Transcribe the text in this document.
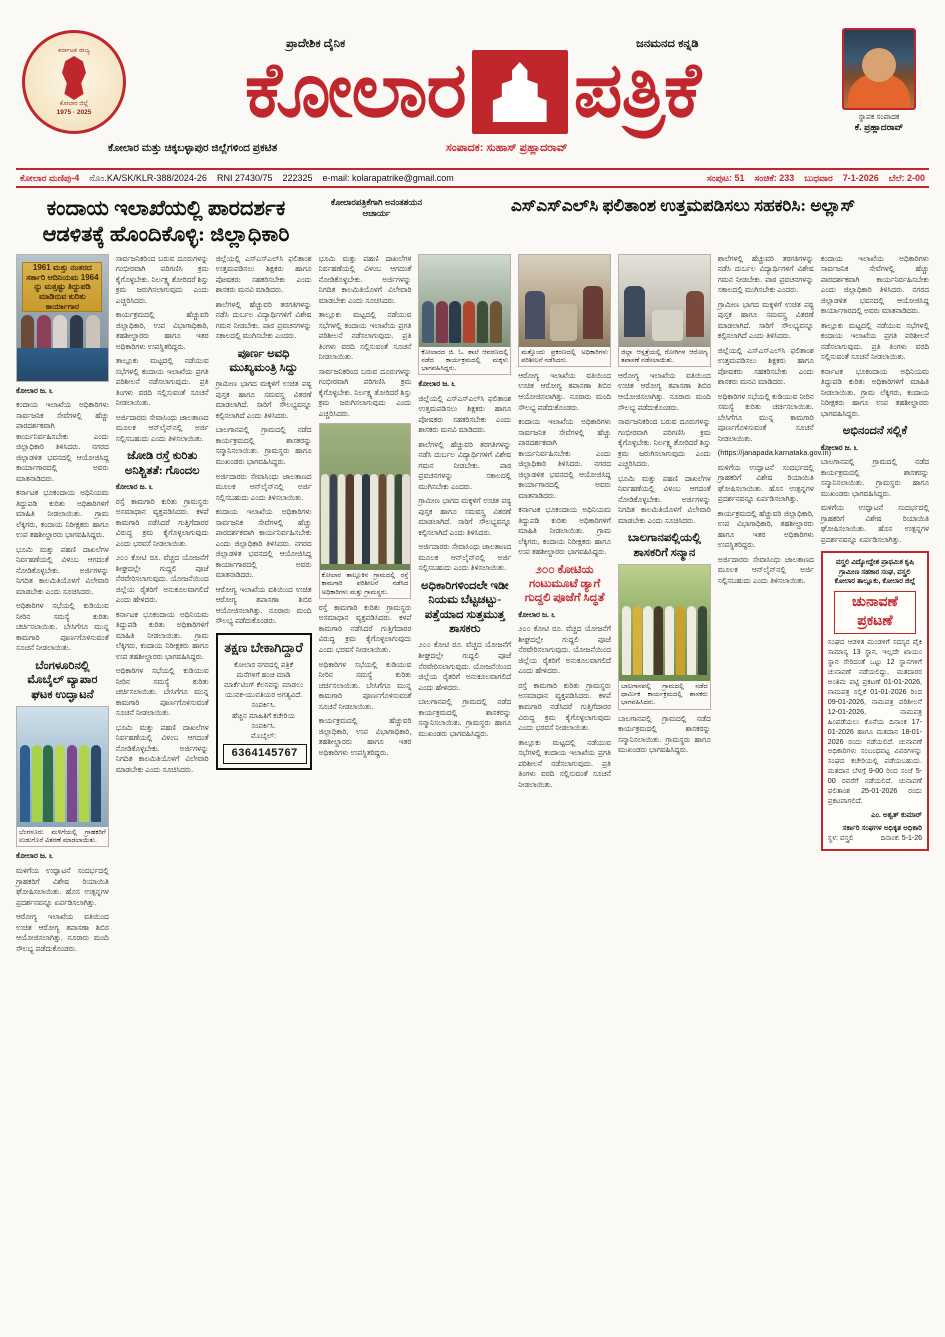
ಕರ್ನಾಟಕ ರಾಜ್ಯ
ಕೋಲಾರ ಜಿಲ್ಲೆ
1975 · 2025
ಪ್ರಾದೇಶಿಕ ದೈನಿಕ	ಜನಮನದ ಕನ್ನಡಿ
ಕೋಲಾರ ಪತ್ರಿಕೆ	ಸ್ಥಾಪಕ ಸಂಪಾದಕ
ಕೆ. ಪ್ರಹ್ಲಾದರಾವ್
ಕೋಲಾರ ಮತ್ತು ಚಿಕ್ಕಬಳ್ಳಾಪುರ ಜಿಲ್ಲೆಗಳಿಂದ ಪ್ರಕಟಿತ	ಸಂಪಾದಕ: ಸುಹಾಸ್ ಪ್ರಹ್ಲಾದರಾವ್
ಕೋಲಾರ ಮಣಿಪು-4 ನೊಂ.KA/SK/KLR-388/2024-26 RNI 27430/75 222325 e-mail: kolarapatrike@gmail.com	ಸಂಪುಟ: 51 ಸಂಚಿಕೆ: 233 ಬುಧವಾರ 7-1-2026 ಬೆಲೆ: 2-00
ಕಂದಾಯ ಇಲಾಖೆಯಲ್ಲಿ ಪಾರದರ್ಶಕ ಆಡಳಿತಕ್ಕೆ ಹೊಂದಿಕೊಳ್ಳಿ: ಜಿಲ್ಲಾಧಿಕಾರಿ
ಕೋಲಾರಪತ್ರಿಕೆಗಾಗಿ ಅನಂತಶಯನ ಆಚಾರ್ಯ	ಎಸ್ಎಸ್ಎಲ್‌ಸಿ ಫಲಿತಾಂಶ ಉತ್ತಮಪಡಿಸಲು ಸಹಕರಿಸಿ: ಅಲ್ಲಾಸ್
1961 ಮತ್ತು ನಂತರದ ಸರ್ಕಾರಿ ಆದಿನಿಯಮ 1964 ನ್ನು ಮತ್ತಷ್ಟು ತಿದ್ದುಪಡಿ ಮಾಡಿರುವ ಕುರಿತು ಕಾರ್ಯಾಗಾರ

ಕೋಲಾರ ಜ. ೬

ಕಂದಾಯ ಇಲಾಖೆಯ ಅಧಿಕಾರಿಗಳು ಸಾರ್ವಜನಿಕ ಸೇವೆಗಳಲ್ಲಿ ಹೆಚ್ಚು ಪಾರದರ್ಶಕವಾಗಿ ಕಾರ್ಯನಿರ್ವಹಿಸಬೇಕು ಎಂದು ಜಿಲ್ಲಾಧಿಕಾರಿ ತಿಳಿಸಿದರು. ನಗರದ ಜಿಲ್ಲಾಡಳಿತ ಭವನದಲ್ಲಿ ಆಯೋಜಿಸಿದ್ದ ಕಾರ್ಯಾಗಾರದಲ್ಲಿ ಅವರು ಮಾತನಾಡಿದರು.

ಕರ್ನಾಟಕ ಭೂಕಂದಾಯ ಅಧಿನಿಯಮ ತಿದ್ದುಪಡಿ ಕುರಿತು ಅಧಿಕಾರಿಗಳಿಗೆ ಮಾಹಿತಿ ನೀಡಲಾಯಿತು. ಗ್ರಾಮ ಲೆಕ್ಕಿಗರು, ಕಂದಾಯ ನಿರೀಕ್ಷಕರು ಹಾಗೂ ಉಪ ತಹಶೀಲ್ದಾರರು ಭಾಗವಹಿಸಿದ್ದರು.

ಭೂಮಿ ಮತ್ತು ಪಹಣಿ ದಾಖಲೆಗಳ ನಿರ್ವಹಣೆಯಲ್ಲಿ ವಿಳಂಬ ಆಗದಂತೆ ನೋಡಿಕೊಳ್ಳಬೇಕು. ಅರ್ಜಿಗಳನ್ನು ನಿಗದಿತ ಕಾಲಮಿತಿಯೊಳಗೆ ವಿಲೇವಾರಿ ಮಾಡಬೇಕು ಎಂದು ಸೂಚಿಸಿದರು.

ಅಧಿಕಾರಿಗಳ ಸಭೆಯಲ್ಲಿ ಕುಡಿಯುವ ನೀರಿನ ಸಮಸ್ಯೆ ಕುರಿತು ಚರ್ಚಿಸಲಾಯಿತು. ಬೇಸಿಗೆಗೂ ಮುನ್ನ ಕಾಮಗಾರಿ ಪೂರ್ಣಗೊಳಿಸುವಂತೆ ಸೂಚನೆ ನೀಡಲಾಯಿತು.

ಬೆಂಗಳೂರಿನಲ್ಲಿ ಮೊಬೈಲ್ ವ್ಯಾಪಾರ ಘಟಕ ಉದ್ಘಾಟನೆ
ಬೆಂಗಳೂರು ಮಳಿಗೆಯಲ್ಲಿ ಗ್ರಾಹಕರಿಗೆ ಉಡುಗೊರೆ ವಿತರಣೆ ಮಾಡಲಾಯಿತು.

ಕೋಲಾರ ಜ. ೬

ಮಳಿಗೆಯ ಉದ್ಘಾಟನೆ ಸಂದರ್ಭದಲ್ಲಿ ಗ್ರಾಹಕರಿಗೆ ವಿಶೇಷ ರಿಯಾಯಿತಿ ಘೋಷಿಸಲಾಯಿತು. ಹೊಸ ಉತ್ಪನ್ನಗಳ ಪ್ರದರ್ಶನವನ್ನೂ ಏರ್ಪಡಿಸಲಾಗಿತ್ತು.

ಆರೋಗ್ಯ ಇಲಾಖೆಯ ವತಿಯಿಂದ ಉಚಿತ ಆರೋಗ್ಯ ತಪಾಸಣಾ ಶಿಬಿರ ಆಯೋಜಿಸಲಾಗಿತ್ತು. ನೂರಾರು ಮಂದಿ ಸೌಲಭ್ಯ ಪಡೆದುಕೊಂಡರು.

ಸಾರ್ವಜನಿಕರಿಂದ ಬರುವ ದೂರುಗಳನ್ನು ಗಂಭೀರವಾಗಿ ಪರಿಗಣಿಸಿ ಕ್ರಮ ಕೈಗೊಳ್ಳಬೇಕು. ನಿರ್ಲಕ್ಷ್ಯ ತೋರಿದರೆ ಶಿಸ್ತು ಕ್ರಮ ಜರುಗಿಸಲಾಗುವುದು ಎಂದು ಎಚ್ಚರಿಸಿದರು.

ಕಾರ್ಯಕ್ರಮದಲ್ಲಿ ಹೆಚ್ಚುವರಿ ಜಿಲ್ಲಾಧಿಕಾರಿ, ಉಪ ವಿಭಾಗಾಧಿಕಾರಿ, ತಹಶೀಲ್ದಾರರು ಹಾಗೂ ಇತರ ಅಧಿಕಾರಿಗಳು ಉಪಸ್ಥಿತರಿದ್ದರು.

ತಾಲ್ಲೂಕು ಮಟ್ಟದಲ್ಲಿ ನಡೆಯುವ ಸಭೆಗಳಲ್ಲಿ ಕಂದಾಯ ಇಲಾಖೆಯ ಪ್ರಗತಿ ಪರಿಶೀಲನೆ ನಡೆಸಲಾಗುವುದು. ಪ್ರತಿ ತಿಂಗಳು ವರದಿ ಸಲ್ಲಿಸುವಂತೆ ಸೂಚನೆ ನೀಡಲಾಯಿತು.

ಅರ್ಜಿದಾರರು ಸೇವಾಸಿಂಧು ಜಾಲತಾಣದ ಮೂಲಕ ಆನ್‌ಲೈನ್‌ನಲ್ಲಿ ಅರ್ಜಿ ಸಲ್ಲಿಸಬಹುದು ಎಂದು ತಿಳಿಸಲಾಯಿತು.

ಜೋಡಿ ರಸ್ತೆ ಕುರಿತು ಅನಿಶ್ಚಿತತೆ: ಗೊಂದಲ

ಕೋಲಾರ ಜ. ೬

ರಸ್ತೆ ಕಾಮಗಾರಿ ಕುರಿತು ಗ್ರಾಮಸ್ಥರು ಅಸಮಾಧಾನ ವ್ಯಕ್ತಪಡಿಸಿದರು. ಕಳಪೆ ಕಾಮಗಾರಿ ನಡೆಸಿದರೆ ಗುತ್ತಿಗೆದಾರರ ವಿರುದ್ಧ ಕ್ರಮ ಕೈಗೊಳ್ಳಲಾಗುವುದು ಎಂದು ಭರವಸೆ ನೀಡಲಾಯಿತು.

೨೦೦ ಕೋಟಿ ರೂ. ವೆಚ್ಚದ ಯೋಜನೆಗೆ ಶೀಘ್ರದಲ್ಲೇ ಗುದ್ದಲಿ ಪೂಜೆ ನೆರವೇರಿಸಲಾಗುವುದು. ಯೋಜನೆಯಿಂದ ಜಿಲ್ಲೆಯ ರೈತರಿಗೆ ಅನುಕೂಲವಾಗಲಿದೆ ಎಂದು ಹೇಳಿದರು.

ಕರ್ನಾಟಕ ಭೂಕಂದಾಯ ಅಧಿನಿಯಮ ತಿದ್ದುಪಡಿ ಕುರಿತು ಅಧಿಕಾರಿಗಳಿಗೆ ಮಾಹಿತಿ ನೀಡಲಾಯಿತು. ಗ್ರಾಮ ಲೆಕ್ಕಿಗರು, ಕಂದಾಯ ನಿರೀಕ್ಷಕರು ಹಾಗೂ ಉಪ ತಹಶೀಲ್ದಾರರು ಭಾಗವಹಿಸಿದ್ದರು.

ಅಧಿಕಾರಿಗಳ ಸಭೆಯಲ್ಲಿ ಕುಡಿಯುವ ನೀರಿನ ಸಮಸ್ಯೆ ಕುರಿತು ಚರ್ಚಿಸಲಾಯಿತು. ಬೇಸಿಗೆಗೂ ಮುನ್ನ ಕಾಮಗಾರಿ ಪೂರ್ಣಗೊಳಿಸುವಂತೆ ಸೂಚನೆ ನೀಡಲಾಯಿತು.

ಭೂಮಿ ಮತ್ತು ಪಹಣಿ ದಾಖಲೆಗಳ ನಿರ್ವಹಣೆಯಲ್ಲಿ ವಿಳಂಬ ಆಗದಂತೆ ನೋಡಿಕೊಳ್ಳಬೇಕು. ಅರ್ಜಿಗಳನ್ನು ನಿಗದಿತ ಕಾಲಮಿತಿಯೊಳಗೆ ವಿಲೇವಾರಿ ಮಾಡಬೇಕು ಎಂದು ಸೂಚಿಸಿದರು.

ಜಿಲ್ಲೆಯಲ್ಲಿ ಎಸ್ಎಸ್ಎಲ್‌ಸಿ ಫಲಿತಾಂಶ ಉತ್ತಮಪಡಿಸಲು ಶಿಕ್ಷಕರು ಹಾಗೂ ಪೋಷಕರು ಸಹಕರಿಸಬೇಕು ಎಂದು ಶಾಸಕರು ಮನವಿ ಮಾಡಿದರು.

ಶಾಲೆಗಳಲ್ಲಿ ಹೆಚ್ಚುವರಿ ತರಗತಿಗಳನ್ನು ನಡೆಸಿ ದುರ್ಬಲ ವಿದ್ಯಾರ್ಥಿಗಳಿಗೆ ವಿಶೇಷ ಗಮನ ನೀಡಬೇಕು. ಪಾಠ ಪ್ರವಚನಗಳನ್ನು ಸಕಾಲದಲ್ಲಿ ಮುಗಿಸಬೇಕು ಎಂದರು.

ಪೂರ್ಣ ಅವಧಿ ಮುಖ್ಯಮಂತ್ರಿ ಸಿದ್ದು

ಗ್ರಾಮೀಣ ಭಾಗದ ಮಕ್ಕಳಿಗೆ ಉಚಿತ ಪಠ್ಯ ಪುಸ್ತಕ ಹಾಗೂ ಸಮವಸ್ತ್ರ ವಿತರಣೆ ಮಾಡಲಾಗಿದೆ. ಸಾರಿಗೆ ಸೌಲಭ್ಯವನ್ನೂ ಕಲ್ಪಿಸಲಾಗಿದೆ ಎಂದು ತಿಳಿಸಿದರು.

ಬಾಲಗಾನಪಲ್ಲಿ ಗ್ರಾಮದಲ್ಲಿ ನಡೆದ ಕಾರ್ಯಕ್ರಮದಲ್ಲಿ ಶಾಸಕರನ್ನು ಸನ್ಮಾನಿಸಲಾಯಿತು. ಗ್ರಾಮಸ್ಥರು ಹಾಗೂ ಮುಖಂಡರು ಭಾಗವಹಿಸಿದ್ದರು.

ಅರ್ಜಿದಾರರು ಸೇವಾಸಿಂಧು ಜಾಲತಾಣದ ಮೂಲಕ ಆನ್‌ಲೈನ್‌ನಲ್ಲಿ ಅರ್ಜಿ ಸಲ್ಲಿಸಬಹುದು ಎಂದು ತಿಳಿಸಲಾಯಿತು.

ಕಂದಾಯ ಇಲಾಖೆಯ ಅಧಿಕಾರಿಗಳು ಸಾರ್ವಜನಿಕ ಸೇವೆಗಳಲ್ಲಿ ಹೆಚ್ಚು ಪಾರದರ್ಶಕವಾಗಿ ಕಾರ್ಯನಿರ್ವಹಿಸಬೇಕು ಎಂದು ಜಿಲ್ಲಾಧಿಕಾರಿ ತಿಳಿಸಿದರು. ನಗರದ ಜಿಲ್ಲಾಡಳಿತ ಭವನದಲ್ಲಿ ಆಯೋಜಿಸಿದ್ದ ಕಾರ್ಯಾಗಾರದಲ್ಲಿ ಅವರು ಮಾತನಾಡಿದರು.

ಆರೋಗ್ಯ ಇಲಾಖೆಯ ವತಿಯಿಂದ ಉಚಿತ ಆರೋಗ್ಯ ತಪಾಸಣಾ ಶಿಬಿರ ಆಯೋಜಿಸಲಾಗಿತ್ತು. ನೂರಾರು ಮಂದಿ ಸೌಲಭ್ಯ ಪಡೆದುಕೊಂಡರು.

ತಕ್ಷಣ ಬೇಕಾಗಿದ್ದಾರೆ
ಕೋಲಾರ ನಗರದಲ್ಲಿ ಪತ್ರಿಕೆ ಮನೆಗಳಿಗೆ ಹಂಚಿ ಮಾಡಿ ಮಾರ್ಕೆಟಿಂಗ್ ಕೆಲಸವನ್ನು ಮಾಡಲು
ಯುವಕ-ಯುವತಿಯರ ಅಗತ್ಯವಿದೆ. ಸಂಪರ್ಕಿಸಿ.
ಹೆಚ್ಚಿನ ಮಾಹಿತಿಗೆ ಕಚೇರಿಯ ಸಂಪರ್ಕಿಸಿ.
ಮೊಬೈಲ್: 6364145767

ಭೂಮಿ ಮತ್ತು ಪಹಣಿ ದಾಖಲೆಗಳ ನಿರ್ವಹಣೆಯಲ್ಲಿ ವಿಳಂಬ ಆಗದಂತೆ ನೋಡಿಕೊಳ್ಳಬೇಕು. ಅರ್ಜಿಗಳನ್ನು ನಿಗದಿತ ಕಾಲಮಿತಿಯೊಳಗೆ ವಿಲೇವಾರಿ ಮಾಡಬೇಕು ಎಂದು ಸೂಚಿಸಿದರು.

ತಾಲ್ಲೂಕು ಮಟ್ಟದಲ್ಲಿ ನಡೆಯುವ ಸಭೆಗಳಲ್ಲಿ ಕಂದಾಯ ಇಲಾಖೆಯ ಪ್ರಗತಿ ಪರಿಶೀಲನೆ ನಡೆಸಲಾಗುವುದು. ಪ್ರತಿ ತಿಂಗಳು ವರದಿ ಸಲ್ಲಿಸುವಂತೆ ಸೂಚನೆ ನೀಡಲಾಯಿತು.

ಸಾರ್ವಜನಿಕರಿಂದ ಬರುವ ದೂರುಗಳನ್ನು ಗಂಭೀರವಾಗಿ ಪರಿಗಣಿಸಿ ಕ್ರಮ ಕೈಗೊಳ್ಳಬೇಕು. ನಿರ್ಲಕ್ಷ್ಯ ತೋರಿದರೆ ಶಿಸ್ತು ಕ್ರಮ ಜರುಗಿಸಲಾಗುವುದು ಎಂದು ಎಚ್ಚರಿಸಿದರು.

ಕೋಲಾರ ತಾಲ್ಲೂಕಿನ ಗ್ರಾಮದಲ್ಲಿ ರಸ್ತೆ ಕಾಮಗಾರಿ ಪರಿಶೀಲನೆ ನಡೆಸಿದ ಅಧಿಕಾರಿಗಳು ಮತ್ತು ಗ್ರಾಮಸ್ಥರು.

ರಸ್ತೆ ಕಾಮಗಾರಿ ಕುರಿತು ಗ್ರಾಮಸ್ಥರು ಅಸಮಾಧಾನ ವ್ಯಕ್ತಪಡಿಸಿದರು. ಕಳಪೆ ಕಾಮಗಾರಿ ನಡೆಸಿದರೆ ಗುತ್ತಿಗೆದಾರರ ವಿರುದ್ಧ ಕ್ರಮ ಕೈಗೊಳ್ಳಲಾಗುವುದು ಎಂದು ಭರವಸೆ ನೀಡಲಾಯಿತು.

ಅಧಿಕಾರಿಗಳ ಸಭೆಯಲ್ಲಿ ಕುಡಿಯುವ ನೀರಿನ ಸಮಸ್ಯೆ ಕುರಿತು ಚರ್ಚಿಸಲಾಯಿತು. ಬೇಸಿಗೆಗೂ ಮುನ್ನ ಕಾಮಗಾರಿ ಪೂರ್ಣಗೊಳಿಸುವಂತೆ ಸೂಚನೆ ನೀಡಲಾಯಿತು.

ಕಾರ್ಯಕ್ರಮದಲ್ಲಿ ಹೆಚ್ಚುವರಿ ಜಿಲ್ಲಾಧಿಕಾರಿ, ಉಪ ವಿಭಾಗಾಧಿಕಾರಿ, ತಹಶೀಲ್ದಾರರು ಹಾಗೂ ಇತರ ಅಧಿಕಾರಿಗಳು ಉಪಸ್ಥಿತರಿದ್ದರು.

ಕೋಲಾರದ ಜಿ. ಓ. ಶಾಲೆ ಆವರಣದಲ್ಲಿ ನಡೆದ ಕಾರ್ಯಕ್ರಮದಲ್ಲಿ ಮಕ್ಕಳು ಭಾಗವಹಿಸಿದ್ದರು.

ಕೋಲಾರ ಜ. ೬

ಜಿಲ್ಲೆಯಲ್ಲಿ ಎಸ್ಎಸ್ಎಲ್‌ಸಿ ಫಲಿತಾಂಶ ಉತ್ತಮಪಡಿಸಲು ಶಿಕ್ಷಕರು ಹಾಗೂ ಪೋಷಕರು ಸಹಕರಿಸಬೇಕು ಎಂದು ಶಾಸಕರು ಮನವಿ ಮಾಡಿದರು.

ಶಾಲೆಗಳಲ್ಲಿ ಹೆಚ್ಚುವರಿ ತರಗತಿಗಳನ್ನು ನಡೆಸಿ ದುರ್ಬಲ ವಿದ್ಯಾರ್ಥಿಗಳಿಗೆ ವಿಶೇಷ ಗಮನ ನೀಡಬೇಕು. ಪಾಠ ಪ್ರವಚನಗಳನ್ನು ಸಕಾಲದಲ್ಲಿ ಮುಗಿಸಬೇಕು ಎಂದರು.

ಗ್ರಾಮೀಣ ಭಾಗದ ಮಕ್ಕಳಿಗೆ ಉಚಿತ ಪಠ್ಯ ಪುಸ್ತಕ ಹಾಗೂ ಸಮವಸ್ತ್ರ ವಿತರಣೆ ಮಾಡಲಾಗಿದೆ. ಸಾರಿಗೆ ಸೌಲಭ್ಯವನ್ನೂ ಕಲ್ಪಿಸಲಾಗಿದೆ ಎಂದು ತಿಳಿಸಿದರು.

ಅರ್ಜಿದಾರರು ಸೇವಾಸಿಂಧು ಜಾಲತಾಣದ ಮೂಲಕ ಆನ್‌ಲೈನ್‌ನಲ್ಲಿ ಅರ್ಜಿ ಸಲ್ಲಿಸಬಹುದು ಎಂದು ತಿಳಿಸಲಾಯಿತು.

ಅಧಿಕಾರಿಗಳಿಂದಲೇ ಇಡೀ ನಿಯಮ ಬೆಟ್ಟಚಟ್ಟು-ಪತ್ತೆಯಾದ ಸುತ್ತಮುತ್ತ ಶಾಸಕರು

೨೦೦ ಕೋಟಿ ರೂ. ವೆಚ್ಚದ ಯೋಜನೆಗೆ ಶೀಘ್ರದಲ್ಲೇ ಗುದ್ದಲಿ ಪೂಜೆ ನೆರವೇರಿಸಲಾಗುವುದು. ಯೋಜನೆಯಿಂದ ಜಿಲ್ಲೆಯ ರೈತರಿಗೆ ಅನುಕೂಲವಾಗಲಿದೆ ಎಂದು ಹೇಳಿದರು.

ಬಾಲಗಾನಪಲ್ಲಿ ಗ್ರಾಮದಲ್ಲಿ ನಡೆದ ಕಾರ್ಯಕ್ರಮದಲ್ಲಿ ಶಾಸಕರನ್ನು ಸನ್ಮಾನಿಸಲಾಯಿತು. ಗ್ರಾಮಸ್ಥರು ಹಾಗೂ ಮುಖಂಡರು ಭಾಗವಹಿಸಿದ್ದರು.

ಮತ್ತೊಂದು ಪ್ರಕರಣದಲ್ಲಿ ಅಧಿಕಾರಿಗಳು ಪರಿಶೀಲನೆ ನಡೆಸಿದರು.

ಆರೋಗ್ಯ ಇಲಾಖೆಯ ವತಿಯಿಂದ ಉಚಿತ ಆರೋಗ್ಯ ತಪಾಸಣಾ ಶಿಬಿರ ಆಯೋಜಿಸಲಾಗಿತ್ತು. ನೂರಾರು ಮಂದಿ ಸೌಲಭ್ಯ ಪಡೆದುಕೊಂಡರು.

ಕಂದಾಯ ಇಲಾಖೆಯ ಅಧಿಕಾರಿಗಳು ಸಾರ್ವಜನಿಕ ಸೇವೆಗಳಲ್ಲಿ ಹೆಚ್ಚು ಪಾರದರ್ಶಕವಾಗಿ ಕಾರ್ಯನಿರ್ವಹಿಸಬೇಕು ಎಂದು ಜಿಲ್ಲಾಧಿಕಾರಿ ತಿಳಿಸಿದರು. ನಗರದ ಜಿಲ್ಲಾಡಳಿತ ಭವನದಲ್ಲಿ ಆಯೋಜಿಸಿದ್ದ ಕಾರ್ಯಾಗಾರದಲ್ಲಿ ಅವರು ಮಾತನಾಡಿದರು.

ಕರ್ನಾಟಕ ಭೂಕಂದಾಯ ಅಧಿನಿಯಮ ತಿದ್ದುಪಡಿ ಕುರಿತು ಅಧಿಕಾರಿಗಳಿಗೆ ಮಾಹಿತಿ ನೀಡಲಾಯಿತು. ಗ್ರಾಮ ಲೆಕ್ಕಿಗರು, ಕಂದಾಯ ನಿರೀಕ್ಷಕರು ಹಾಗೂ ಉಪ ತಹಶೀಲ್ದಾರರು ಭಾಗವಹಿಸಿದ್ದರು.

೨೦೦ ಕೋಟಿಯ ಗಂಟುಮೂಟೆ ಡ್ಯಾಗೆ ಗುದ್ದಲಿ ಪೂಜೆಗೆ ಸಿದ್ಧತೆ

ಕೋಲಾರ ಜ. ೬

೨೦೦ ಕೋಟಿ ರೂ. ವೆಚ್ಚದ ಯೋಜನೆಗೆ ಶೀಘ್ರದಲ್ಲೇ ಗುದ್ದಲಿ ಪೂಜೆ ನೆರವೇರಿಸಲಾಗುವುದು. ಯೋಜನೆಯಿಂದ ಜಿಲ್ಲೆಯ ರೈತರಿಗೆ ಅನುಕೂಲವಾಗಲಿದೆ ಎಂದು ಹೇಳಿದರು.

ರಸ್ತೆ ಕಾಮಗಾರಿ ಕುರಿತು ಗ್ರಾಮಸ್ಥರು ಅಸಮಾಧಾನ ವ್ಯಕ್ತಪಡಿಸಿದರು. ಕಳಪೆ ಕಾಮಗಾರಿ ನಡೆಸಿದರೆ ಗುತ್ತಿಗೆದಾರರ ವಿರುದ್ಧ ಕ್ರಮ ಕೈಗೊಳ್ಳಲಾಗುವುದು ಎಂದು ಭರವಸೆ ನೀಡಲಾಯಿತು.

ತಾಲ್ಲೂಕು ಮಟ್ಟದಲ್ಲಿ ನಡೆಯುವ ಸಭೆಗಳಲ್ಲಿ ಕಂದಾಯ ಇಲಾಖೆಯ ಪ್ರಗತಿ ಪರಿಶೀಲನೆ ನಡೆಸಲಾಗುವುದು. ಪ್ರತಿ ತಿಂಗಳು ವರದಿ ಸಲ್ಲಿಸುವಂತೆ ಸೂಚನೆ ನೀಡಲಾಯಿತು.

ಜಿಲ್ಲಾ ಆಸ್ಪತ್ರೆಯಲ್ಲಿ ರೋಗಿಗಳ ಆರೋಗ್ಯ ತಪಾಸಣೆ ನಡೆಸಲಾಯಿತು.

ಆರೋಗ್ಯ ಇಲಾಖೆಯ ವತಿಯಿಂದ ಉಚಿತ ಆರೋಗ್ಯ ತಪಾಸಣಾ ಶಿಬಿರ ಆಯೋಜಿಸಲಾಗಿತ್ತು. ನೂರಾರು ಮಂದಿ ಸೌಲಭ್ಯ ಪಡೆದುಕೊಂಡರು.

ಸಾರ್ವಜನಿಕರಿಂದ ಬರುವ ದೂರುಗಳನ್ನು ಗಂಭೀರವಾಗಿ ಪರಿಗಣಿಸಿ ಕ್ರಮ ಕೈಗೊಳ್ಳಬೇಕು. ನಿರ್ಲಕ್ಷ್ಯ ತೋರಿದರೆ ಶಿಸ್ತು ಕ್ರಮ ಜರುಗಿಸಲಾಗುವುದು ಎಂದು ಎಚ್ಚರಿಸಿದರು.

ಭೂಮಿ ಮತ್ತು ಪಹಣಿ ದಾಖಲೆಗಳ ನಿರ್ವಹಣೆಯಲ್ಲಿ ವಿಳಂಬ ಆಗದಂತೆ ನೋಡಿಕೊಳ್ಳಬೇಕು. ಅರ್ಜಿಗಳನ್ನು ನಿಗದಿತ ಕಾಲಮಿತಿಯೊಳಗೆ ವಿಲೇವಾರಿ ಮಾಡಬೇಕು ಎಂದು ಸೂಚಿಸಿದರು.

ಬಾಲಗಾನಪಲ್ಲಿಯಲ್ಲಿ ಶಾಸಕರಿಗೆ ಸನ್ಮಾನ
ಬಾಲಗಾನಪಲ್ಲಿ ಗ್ರಾಮದಲ್ಲಿ ನಡೆದ ಧಾರ್ಮಿಕ ಕಾರ್ಯಕ್ರಮದಲ್ಲಿ ಶಾಸಕರು ಭಾಗವಹಿಸಿದರು.

ಬಾಲಗಾನಪಲ್ಲಿ ಗ್ರಾಮದಲ್ಲಿ ನಡೆದ ಕಾರ್ಯಕ್ರಮದಲ್ಲಿ ಶಾಸಕರನ್ನು ಸನ್ಮಾನಿಸಲಾಯಿತು. ಗ್ರಾಮಸ್ಥರು ಹಾಗೂ ಮುಖಂಡರು ಭಾಗವಹಿಸಿದ್ದರು.

ಶಾಲೆಗಳಲ್ಲಿ ಹೆಚ್ಚುವರಿ ತರಗತಿಗಳನ್ನು ನಡೆಸಿ ದುರ್ಬಲ ವಿದ್ಯಾರ್ಥಿಗಳಿಗೆ ವಿಶೇಷ ಗಮನ ನೀಡಬೇಕು. ಪಾಠ ಪ್ರವಚನಗಳನ್ನು ಸಕಾಲದಲ್ಲಿ ಮುಗಿಸಬೇಕು ಎಂದರು.

ಗ್ರಾಮೀಣ ಭಾಗದ ಮಕ್ಕಳಿಗೆ ಉಚಿತ ಪಠ್ಯ ಪುಸ್ತಕ ಹಾಗೂ ಸಮವಸ್ತ್ರ ವಿತರಣೆ ಮಾಡಲಾಗಿದೆ. ಸಾರಿಗೆ ಸೌಲಭ್ಯವನ್ನೂ ಕಲ್ಪಿಸಲಾಗಿದೆ ಎಂದು ತಿಳಿಸಿದರು.

ಜಿಲ್ಲೆಯಲ್ಲಿ ಎಸ್ಎಸ್ಎಲ್‌ಸಿ ಫಲಿತಾಂಶ ಉತ್ತಮಪಡಿಸಲು ಶಿಕ್ಷಕರು ಹಾಗೂ ಪೋಷಕರು ಸಹಕರಿಸಬೇಕು ಎಂದು ಶಾಸಕರು ಮನವಿ ಮಾಡಿದರು.

ಅಧಿಕಾರಿಗಳ ಸಭೆಯಲ್ಲಿ ಕುಡಿಯುವ ನೀರಿನ ಸಮಸ್ಯೆ ಕುರಿತು ಚರ್ಚಿಸಲಾಯಿತು. ಬೇಸಿಗೆಗೂ ಮುನ್ನ ಕಾಮಗಾರಿ ಪೂರ್ಣಗೊಳಿಸುವಂತೆ ಸೂಚನೆ ನೀಡಲಾಯಿತು.

(https://janapada.karnataka.gov.in)

ಮಳಿಗೆಯ ಉದ್ಘಾಟನೆ ಸಂದರ್ಭದಲ್ಲಿ ಗ್ರಾಹಕರಿಗೆ ವಿಶೇಷ ರಿಯಾಯಿತಿ ಘೋಷಿಸಲಾಯಿತು. ಹೊಸ ಉತ್ಪನ್ನಗಳ ಪ್ರದರ್ಶನವನ್ನೂ ಏರ್ಪಡಿಸಲಾಗಿತ್ತು.

ಕಾರ್ಯಕ್ರಮದಲ್ಲಿ ಹೆಚ್ಚುವರಿ ಜಿಲ್ಲಾಧಿಕಾರಿ, ಉಪ ವಿಭಾಗಾಧಿಕಾರಿ, ತಹಶೀಲ್ದಾರರು ಹಾಗೂ ಇತರ ಅಧಿಕಾರಿಗಳು ಉಪಸ್ಥಿತರಿದ್ದರು.

ಅರ್ಜಿದಾರರು ಸೇವಾಸಿಂಧು ಜಾಲತಾಣದ ಮೂಲಕ ಆನ್‌ಲೈನ್‌ನಲ್ಲಿ ಅರ್ಜಿ ಸಲ್ಲಿಸಬಹುದು ಎಂದು ತಿಳಿಸಲಾಯಿತು.

ಕಂದಾಯ ಇಲಾಖೆಯ ಅಧಿಕಾರಿಗಳು ಸಾರ್ವಜನಿಕ ಸೇವೆಗಳಲ್ಲಿ ಹೆಚ್ಚು ಪಾರದರ್ಶಕವಾಗಿ ಕಾರ್ಯನಿರ್ವಹಿಸಬೇಕು ಎಂದು ಜಿಲ್ಲಾಧಿಕಾರಿ ತಿಳಿಸಿದರು. ನಗರದ ಜಿಲ್ಲಾಡಳಿತ ಭವನದಲ್ಲಿ ಆಯೋಜಿಸಿದ್ದ ಕಾರ್ಯಾಗಾರದಲ್ಲಿ ಅವರು ಮಾತನಾಡಿದರು.

ತಾಲ್ಲೂಕು ಮಟ್ಟದಲ್ಲಿ ನಡೆಯುವ ಸಭೆಗಳಲ್ಲಿ ಕಂದಾಯ ಇಲಾಖೆಯ ಪ್ರಗತಿ ಪರಿಶೀಲನೆ ನಡೆಸಲಾಗುವುದು. ಪ್ರತಿ ತಿಂಗಳು ವರದಿ ಸಲ್ಲಿಸುವಂತೆ ಸೂಚನೆ ನೀಡಲಾಯಿತು.

ಕರ್ನಾಟಕ ಭೂಕಂದಾಯ ಅಧಿನಿಯಮ ತಿದ್ದುಪಡಿ ಕುರಿತು ಅಧಿಕಾರಿಗಳಿಗೆ ಮಾಹಿತಿ ನೀಡಲಾಯಿತು. ಗ್ರಾಮ ಲೆಕ್ಕಿಗರು, ಕಂದಾಯ ನಿರೀಕ್ಷಕರು ಹಾಗೂ ಉಪ ತಹಶೀಲ್ದಾರರು ಭಾಗವಹಿಸಿದ್ದರು.

ಅಭಿನಂದನೆ ಸಲ್ಲಿಕೆ

ಕೋಲಾರ ಜ. ೬

ಬಾಲಗಾನಪಲ್ಲಿ ಗ್ರಾಮದಲ್ಲಿ ನಡೆದ ಕಾರ್ಯಕ್ರಮದಲ್ಲಿ ಶಾಸಕರನ್ನು ಸನ್ಮಾನಿಸಲಾಯಿತು. ಗ್ರಾಮಸ್ಥರು ಹಾಗೂ ಮುಖಂಡರು ಭಾಗವಹಿಸಿದ್ದರು.

ಮಳಿಗೆಯ ಉದ್ಘಾಟನೆ ಸಂದರ್ಭದಲ್ಲಿ ಗ್ರಾಹಕರಿಗೆ ವಿಶೇಷ ರಿಯಾಯಿತಿ ಘೋಷಿಸಲಾಯಿತು. ಹೊಸ ಉತ್ಪನ್ನಗಳ ಪ್ರದರ್ಶನವನ್ನೂ ಏರ್ಪಡಿಸಲಾಗಿತ್ತು.

ವಸ್ತ್ರಲಿ ವಿದ್ಯೋದ್ದೇಶ ಪ್ರಾಥಮಿಕ ಕೃಷಿ
ಗ್ರಾಮೀಣ ಸಹಕಾರ ಸಂಘ, ವಸ್ತ್ರಲಿ
ಕೋಲಾರ ತಾಲ್ಲೂಕು, ಕೋಲಾರ ಜಿಲ್ಲೆ
ಚುನಾವಣೆ ಪ್ರಕಟಣೆ
ಸಂಘದ ಆಡಳಿತ ಮಂಡಳಿಗೆ ಸದಸ್ಯರ ಪೈಕಿ ಸಾಮಾನ್ಯ 13 ಸ್ಥಾನ, ಇಲ್ಲದೇ ಖಾಯಂ ಸ್ಥಾನ ಸೇರಿದಂತೆ ಒಟ್ಟು 12 ಸ್ಥಾನಗಳಿಗೆ ಚುನಾವಣೆ ನಡೆಯಲಿದ್ದು, ಮತದಾರರ ಅಂತಿಮ ಪಟ್ಟಿ ಪ್ರಕಟಣೆ 01-01-2026, ನಾಮಪತ್ರ ಸಲ್ಲಿಕೆ 01-01-2026 ರಿಂದ 09-01-2026, ನಾಮಪತ್ರ ಪರಿಶೀಲನೆ 12-01-2026, ನಾಮಪತ್ರ ಹಿಂಪಡೆಯಲು ಕೊನೆಯ ದಿನಾಂಕ 17-01-2026 ಹಾಗೂ ಮತದಾನ 18-01-2026 ರಂದು ನಡೆಯಲಿದೆ. ಚುನಾವಣೆ ಅಧಿಕಾರಿಗಳು ಸಂಬಂಧಪಟ್ಟ ವಿವರಗಳನ್ನು ಸಂಘದ ಕಚೇರಿಯಲ್ಲಿ ಪಡೆಯಬಹುದು. ಮತದಾನ ಬೆಳಗ್ಗೆ 9-00 ರಿಂದ ಸಂಜೆ 5-00 ರವರೆಗೆ ನಡೆಯಲಿದೆ. ಚುನಾವಣೆ ಫಲಿತಾಂಶ 25-01-2026 ರಂದು ಪ್ರಕಟವಾಗಲಿದೆ.
ಎಂ. ಅಶ್ವತ್ ಕುಮಾರ್
ಸರ್ಕಾರಿ ಸಂಘಗಳ ಅಧಿಕೃತ ಅಧಿಕಾರಿ
ಸ್ಥಳ: ವಸ್ತ್ರಲಿ	ದಿನಾಂಕ: 5-1-26
